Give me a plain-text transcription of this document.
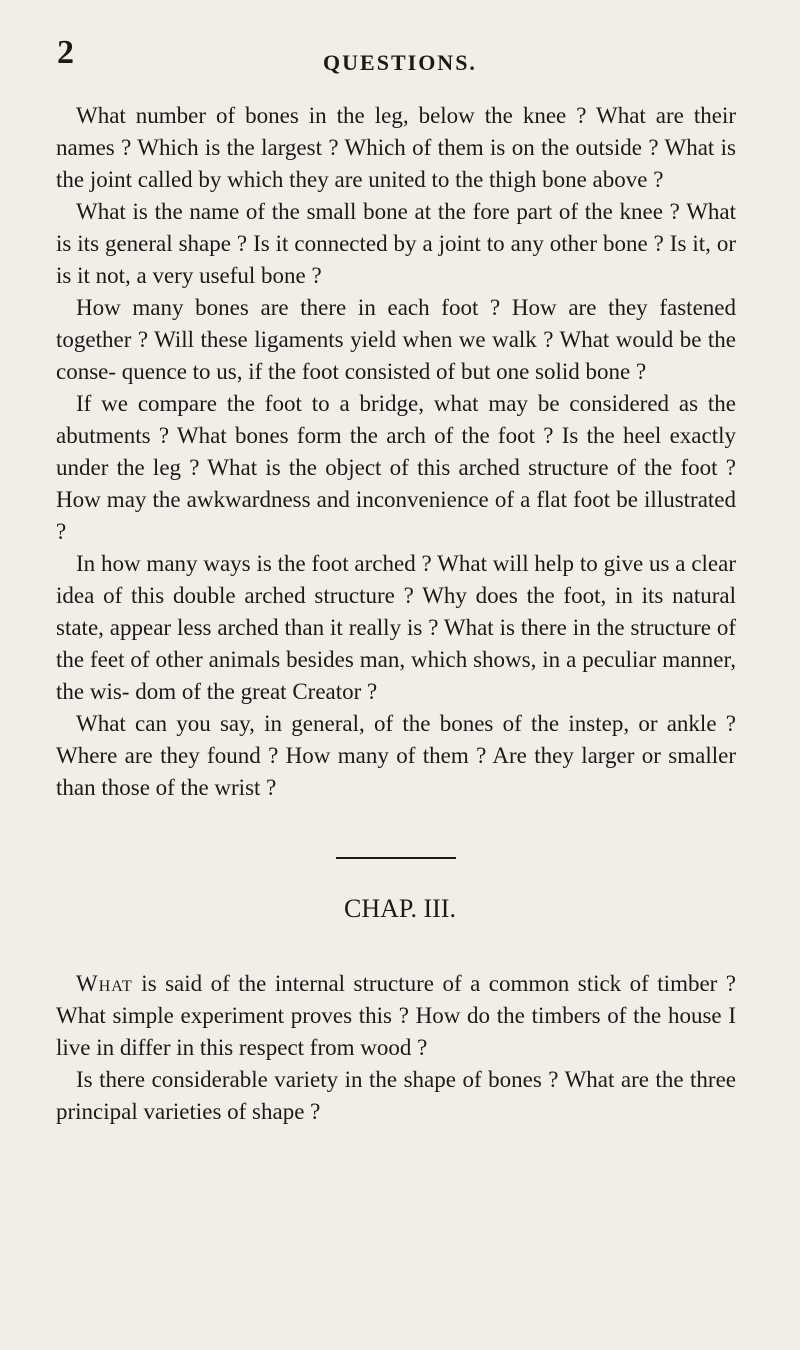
2	QUESTIONS.

What number of bones in the leg, below the knee ? What are their names ? Which is the largest ? Which of them is on the outside ? What is the joint called by which they are united to the thigh bone above ?

What is the name of the small bone at the fore part of the knee ? What is its general shape ? Is it connected by a joint to any other bone ? Is it, or is it not, a very useful bone ?

How many bones are there in each foot ? How are they fastened together ? Will these ligaments yield when we walk ? What would be the conse- quence to us, if the foot consisted of but one solid bone ?

If we compare the foot to a bridge, what may be considered as the abutments ? What bones form the arch of the foot ? Is the heel exactly under the leg ? What is the object of this arched structure of the foot ? How may the awkwardness and inconvenience of a flat foot be illustrated ?

In how many ways is the foot arched ? What will help to give us a clear idea of this double arched structure ? Why does the foot, in its natural state, appear less arched than it really is ? What is there in the structure of the feet of other animals besides man, which shows, in a peculiar manner, the wis- dom of the great Creator ?

What can you say, in general, of the bones of the instep, or ankle ? Where are they found ? How many of them ? Are they larger or smaller than those of the wrist ?

CHAP. III.

What is said of the internal structure of a common stick of timber ? What simple experiment proves this ? How do the timbers of the house I live in differ in this respect from wood ?

Is there considerable variety in the shape of bones ? What are the three principal varieties of shape ?
